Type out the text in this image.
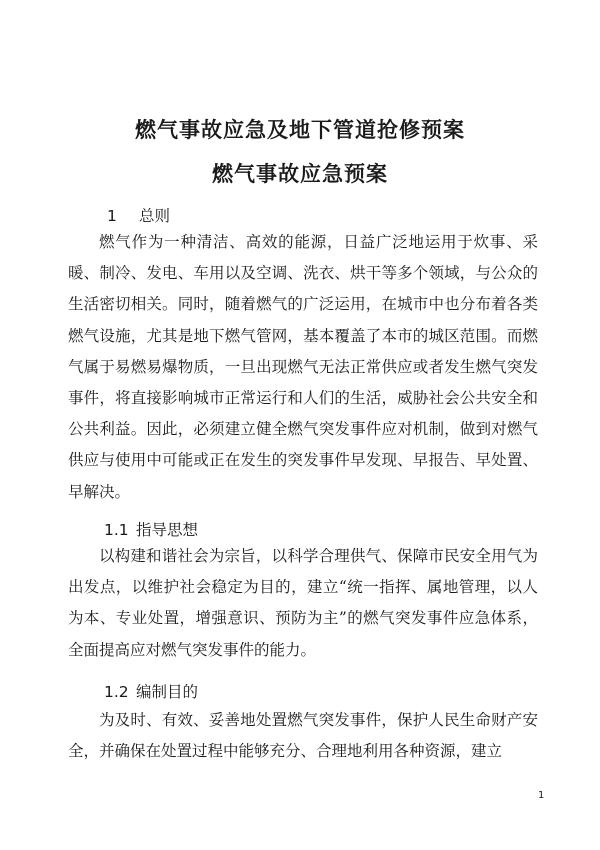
燃气事故应急及地下管道抢修预案
燃气事故应急预案
1 总则

燃气作为一种清洁、高效的能源，日益广泛地运用于炊事、采暖、制冷、发电、车用以及空调、洗衣、烘干等多个领域，与公众的生活密切相关。同时，随着燃气的广泛运用，在城市中也分布着各类燃气设施，尤其是地下燃气管网，基本覆盖了本市的城区范围。而燃气属于易燃易爆物质，一旦出现燃气无法正常供应或者发生燃气突发事件，将直接影响城市正常运行和人们的生活，威胁社会公共安全和公共利益。因此，必须建立健全燃气突发事件应对机制，做到对燃气供应与使用中可能或正在发生的突发事件早发现、早报告、早处置、早解决。

1.1 指导思想

以构建和谐社会为宗旨，以科学合理供气、保障市民安全用气为出发点，以维护社会稳定为目的，建立“统一指挥、属地管理，以人为本、专业处置，增强意识、预防为主”的燃气突发事件应急体系，全面提高应对燃气突发事件的能力。

1.2 编制目的

为及时、有效、妥善地处置燃气突发事件，保护人民生命财产安全，并确保在处置过程中能够充分、合理地利用各种资源，建立

1
